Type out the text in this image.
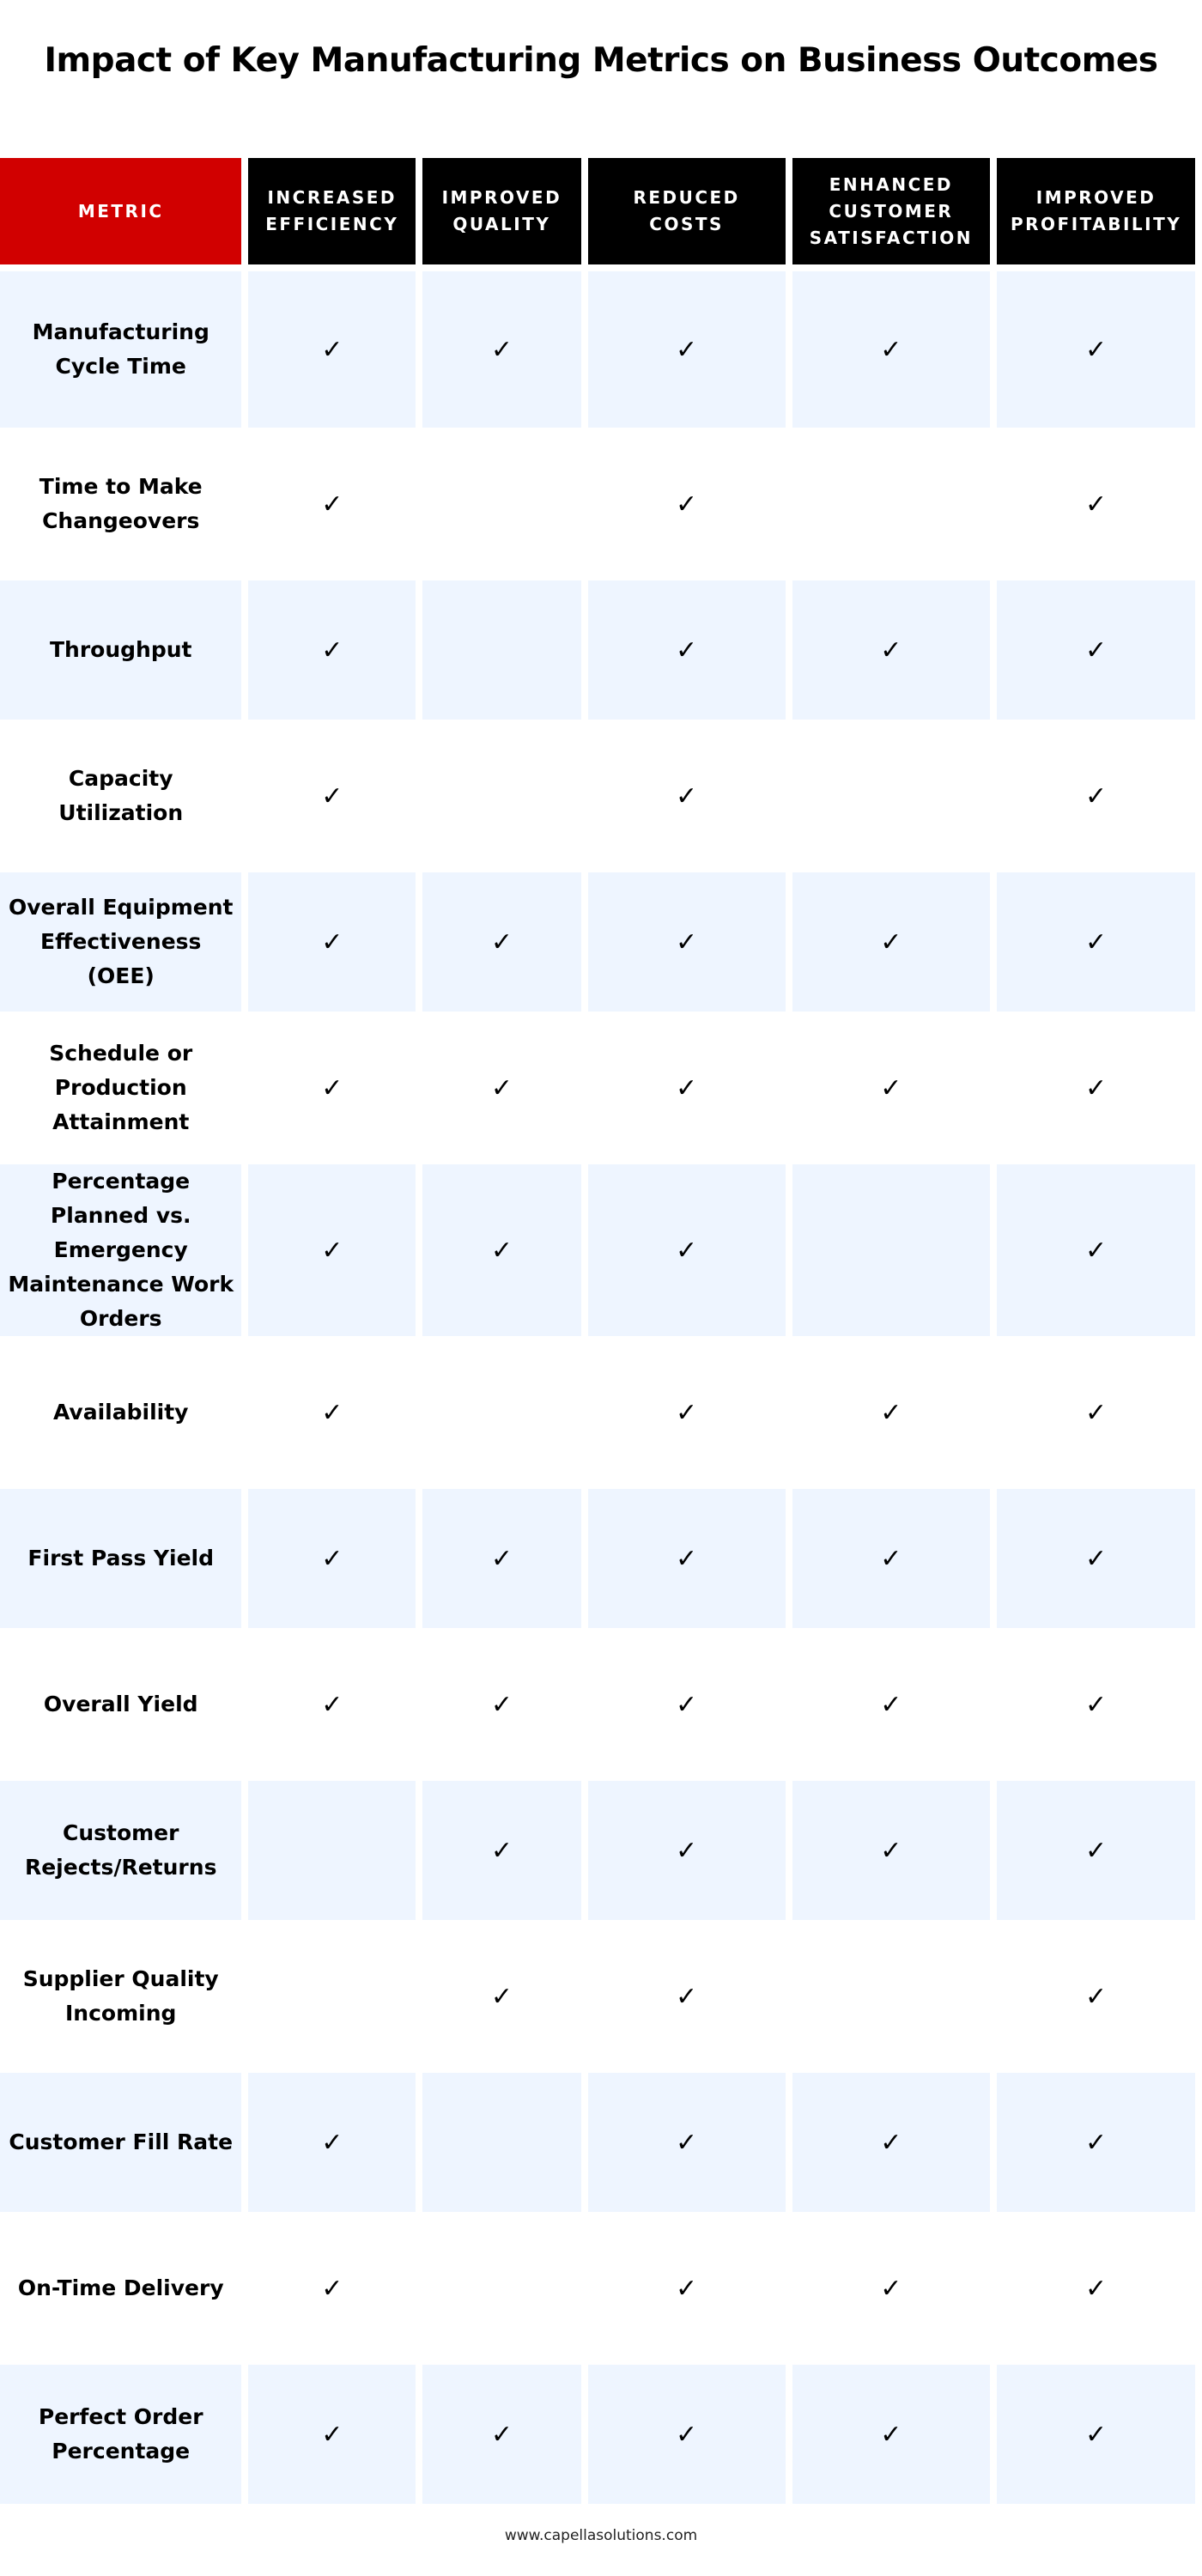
Impact of Key Manufacturing Metrics on Business Outcomes
METRIC	INCREASED EFFICIENCY	IMPROVED QUALITY	REDUCED COSTS	ENHANCED CUSTOMER SATISFACTION	IMPROVED PROFITABILITY
Manufacturing Cycle Time	✓	✓	✓	✓	✓
Time to Make Changeovers	✓		✓		✓
Throughput	✓		✓	✓	✓
Capacity Utilization	✓		✓		✓
Overall Equipment Effectiveness (OEE)	✓	✓	✓	✓	✓
Schedule or Production Attainment	✓	✓	✓	✓	✓
Percentage Planned vs. Emergency Maintenance Work Orders	✓	✓	✓		✓
Availability	✓		✓	✓	✓
First Pass Yield	✓	✓	✓	✓	✓
Overall Yield	✓	✓	✓	✓	✓
Customer Rejects/Returns		✓	✓	✓	✓
Supplier Quality Incoming		✓	✓		✓
Customer Fill Rate	✓		✓	✓	✓
On-Time Delivery	✓		✓	✓	✓
Perfect Order Percentage	✓	✓	✓	✓	✓
www.capellasolutions.com
